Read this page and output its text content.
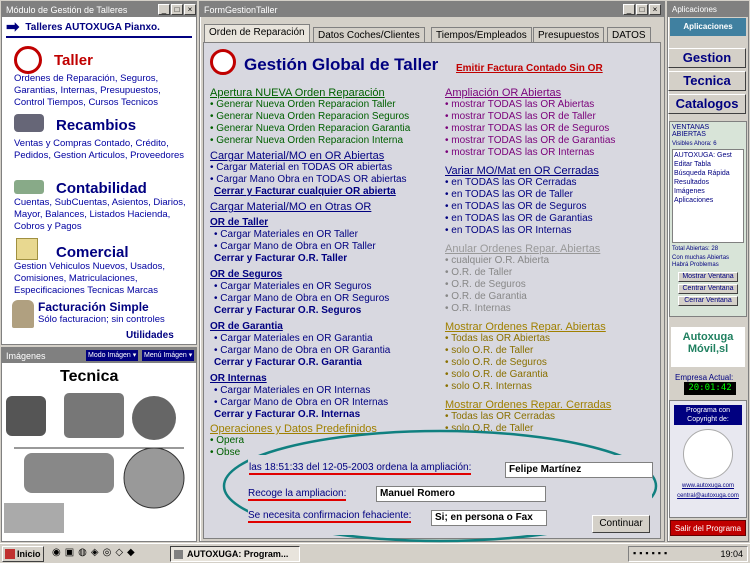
Módulo de Gestión de Talleres	_	□	×
➡ Talleres AUTOXUGA Pianxo.
Taller
Ordenes de Reparación, Seguros, Garantias, Internas, Presupuestos, Control Tiempos, Cursos Tecnicos
Recambios
Ventas y Compras Contado, Crédito, Pedidos, Gestion Articulos, Proveedores
Contabilidad
Cuentas, SubCuentas, Asientos, Diarios, Mayor, Balances, Listados Hacienda, Cobros y Pagos
Comercial
Gestion Vehiculos Nuevos, Usados, Comisiones, Matriculaciones, Especificaciones Tecnicas Marcas
Facturación Simple
Sólo facturacion; sin controles
Utilidades
Imágenes	Modo Imágen ▾ Menú Imágen ▾
Tecnica
FormGestionTaller	_	□	×
Orden de Reparación	Datos Coches/Clientes	Tiempos/Empleados	Presupuestos	DATOS
Gestión Global de Taller Emitir Factura Contado Sin OR
Apertura NUEVA Orden Reparación
• Generar Nueva Orden Reparacion Taller
• Generar Nueva Orden Reparacion Seguros
• Generar Nueva Orden Reparacion Garantia
• Generar Nueva Orden Reparacion Interna
Cargar Material/MO en OR Abiertas
• Cargar Material en TODAS OR abiertas
• Cargar Mano Obra en TODAS OR abiertas
Cerrar y Facturar cualquier OR abierta
Cargar Material/MO en Otras OR
OR de Taller
• Cargar Materiales en OR Taller
• Cargar Mano de Obra en OR Taller
Cerrar y Facturar O.R. Taller
OR de Seguros
• Cargar Materiales en OR Seguros
• Cargar Mano de Obra en OR Seguros
Cerrar y Facturar O.R. Seguros
OR de Garantia
• Cargar Materiales en OR Garantia
• Cargar Mano de Obra en OR Garantia
Cerrar y Facturar O.R. Garantia
OR Internas
• Cargar Materiales en OR Internas
• Cargar Mano de Obra en OR Internas
Cerrar y Facturar O.R. Internas
Operaciones y Datos Predefinidos
• Opera
• Obse
Ampliación OR Abiertas
• mostrar TODAS las OR Abiertas
• mostrar TODAS las OR de Taller
• mostrar TODAS las OR de Seguros
• mostrar TODAS las OR de Garantias
• mostrar TODAS las OR Internas
Variar MO/Mat en OR Cerradas
• en TODAS las OR Cerradas
• en TODAS las OR de Taller
• en TODAS las OR de Seguros
• en TODAS las OR de Garantias
• en TODAS las OR Internas
Anular Ordenes Repar. Abiertas
• cualquier O.R. Abierta
• O.R. de Taller
• O.R. de Seguros
• O.R. de Garantia
• O.R. Internas
Mostrar Ordenes Repar. Abiertas
• Todas las OR Abiertas
• solo O.R. de Taller
• solo O.R. de Seguros
• solo O.R. de Garantia
• solo O.R. Internas
Mostrar Ordenes Repar. Cerradas
• Todas las OR Cerradas
• solo O.R. de Taller
las 18:51:33 del 12-05-2003 ordena la ampliación:	Felipe Martínez
Recoge la ampliacion:	Manuel Romero
Se necesita confirmacion fehaciente:	Si; en persona o Fax
Continuar
Aplicaciones
Aplicaciones
Gestion
Tecnica
Catalogos
VENTANAS ABIERTAS
Visibles Ahora: 6
AUTOXUGA: Gest
Editar Tabla
Búsqueda Rápida
Resultados
Imágenes
Aplicaciones
Total Abiertas: 28
Con muchas Abiertas Habrá Problemas
Mostrar Ventana
Centrar Ventana
Cerrar Ventana
Autoxuga Móvil,sl
Empresa Actual:
20:01:42
Programa con Copyright de:
www.autoxuga.com
central@autoxuga.com
Salir del Programa
Inicio	◉▣◍◈◎◇◆	AUTOXUGA: Program...	▪▪▪▪▪▪	19:04
